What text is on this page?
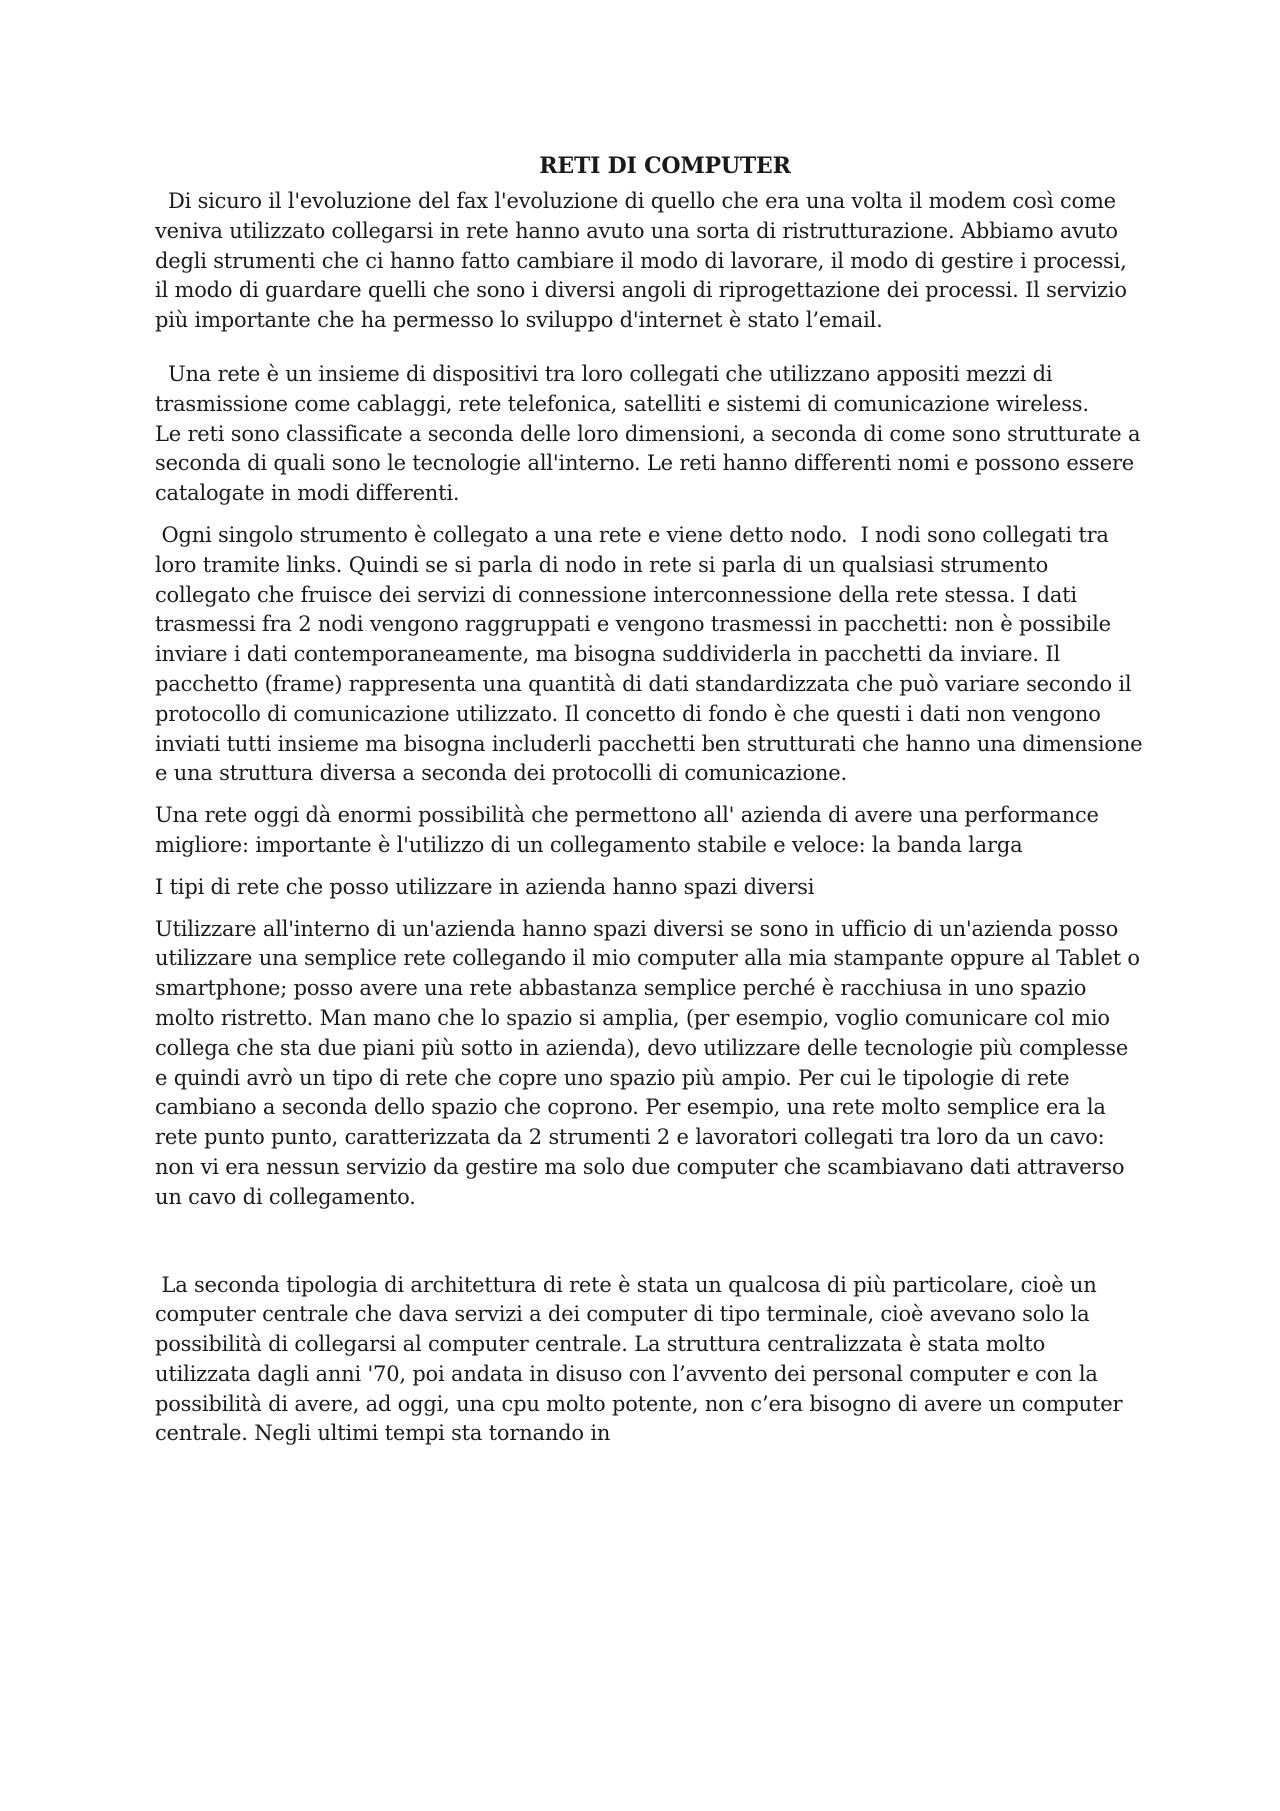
RETI DI COMPUTER

Di sicuro il l'evoluzione del fax l'evoluzione di quello che era una volta il modem così come veniva utilizzato collegarsi in rete hanno avuto una sorta di ristrutturazione. Abbiamo avuto degli strumenti che ci hanno fatto cambiare il modo di lavorare, il modo di gestire i processi, il modo di guardare quelli che sono i diversi angoli di riprogettazione dei processi. Il servizio più importante che ha permesso lo sviluppo d'internet è stato l’email.

Una rete è un insieme di dispositivi tra loro collegati che utilizzano appositi mezzi di trasmissione come cablaggi, rete telefonica, satelliti e sistemi di comunicazione wireless.
Le reti sono classificate a seconda delle loro dimensioni, a seconda di come sono strutturate a seconda di quali sono le tecnologie all'interno. Le reti hanno differenti nomi e possono essere catalogate in modi differenti.

Ogni singolo strumento è collegato a una rete e viene detto nodo.  I nodi sono collegati tra loro tramite links. Quindi se si parla di nodo in rete si parla di un qualsiasi strumento collegato che fruisce dei servizi di connessione interconnessione della rete stessa. I dati trasmessi fra 2 nodi vengono raggruppati e vengono trasmessi in pacchetti: non è possibile inviare i dati contemporaneamente, ma bisogna suddividerla in pacchetti da inviare. Il pacchetto (frame) rappresenta una quantità di dati standardizzata che può variare secondo il protocollo di comunicazione utilizzato. Il concetto di fondo è che questi i dati non vengono inviati tutti insieme ma bisogna includerli pacchetti ben strutturati che hanno una dimensione e una struttura diversa a seconda dei protocolli di comunicazione.

Una rete oggi dà enormi possibilità che permettono all' azienda di avere una performance migliore: importante è l'utilizzo di un collegamento stabile e veloce: la banda larga

I tipi di rete che posso utilizzare in azienda hanno spazi diversi

Utilizzare all'interno di un'azienda hanno spazi diversi se sono in ufficio di un'azienda posso utilizzare una semplice rete collegando il mio computer alla mia stampante oppure al Tablet o smartphone; posso avere una rete abbastanza semplice perché è racchiusa in uno spazio molto ristretto. Man mano che lo spazio si amplia, (per esempio, voglio comunicare col mio collega che sta due piani più sotto in azienda), devo utilizzare delle tecnologie più complesse e quindi avrò un tipo di rete che copre uno spazio più ampio. Per cui le tipologie di rete cambiano a seconda dello spazio che coprono. Per esempio, una rete molto semplice era la rete punto punto, caratterizzata da 2 strumenti 2 e lavoratori collegati tra loro da un cavo: non vi era nessun servizio da gestire ma solo due computer che scambiavano dati attraverso un cavo di collegamento.

La seconda tipologia di architettura di rete è stata un qualcosa di più particolare, cioè un computer centrale che dava servizi a dei computer di tipo terminale, cioè avevano solo la possibilità di collegarsi al computer centrale. La struttura centralizzata è stata molto utilizzata dagli anni '70, poi andata in disuso con l’avvento dei personal computer e con la possibilità di avere, ad oggi, una cpu molto potente, non c’era bisogno di avere un computer centrale. Negli ultimi tempi sta tornando in
